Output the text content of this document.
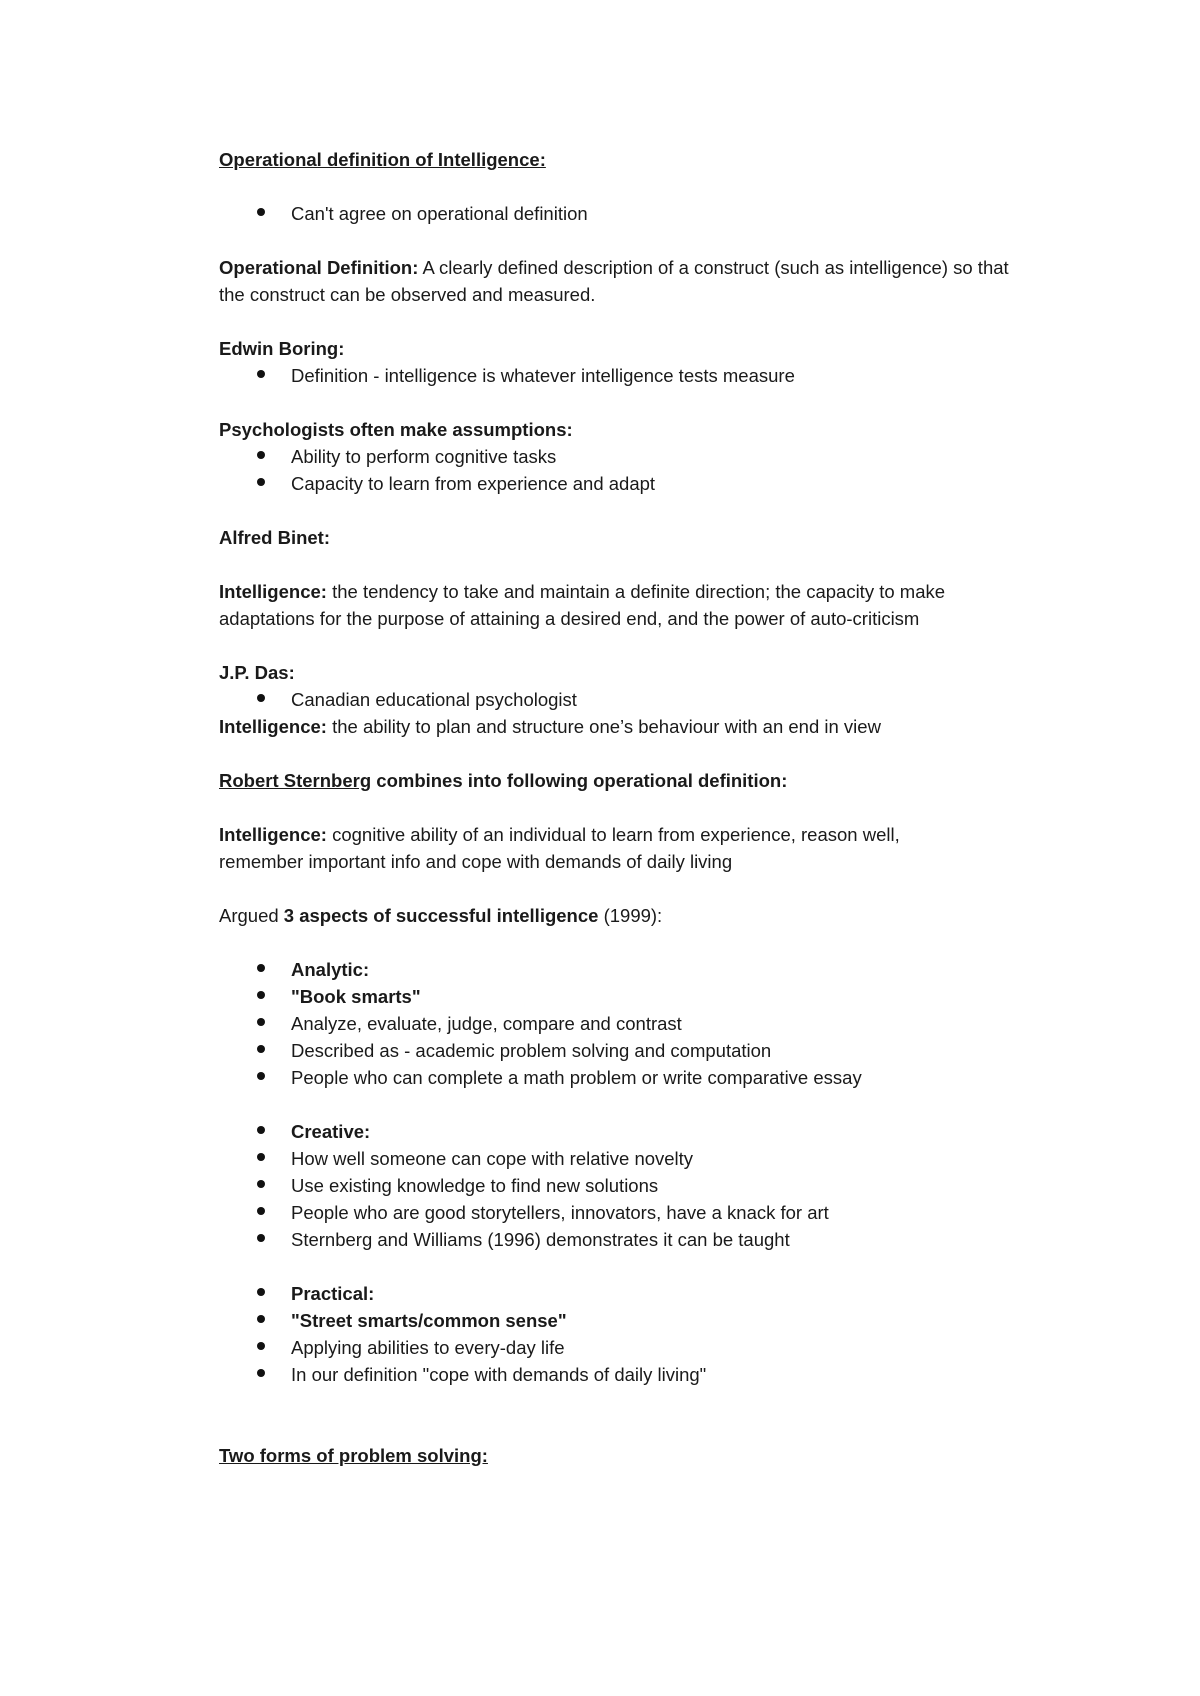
Operational definition of Intelligence:

Can't agree on operational definition

Operational Definition: A clearly defined description of a construct (such as intelligence) so that the construct can be observed and measured.

Edwin Boring:

Definition - intelligence is whatever intelligence tests measure

Psychologists often make assumptions:

Ability to perform cognitive tasks
Capacity to learn from experience and adapt

Alfred Binet:

Intelligence: the tendency to take and maintain a definite direction; the capacity to make adaptations for the purpose of attaining a desired end, and the power of auto-criticism

J.P. Das:

Canadian educational psychologist

Intelligence: the ability to plan and structure one’s behaviour with an end in view

Robert Sternberg combines into following operational definition:

Intelligence: cognitive ability of an individual to learn from experience, reason well, remember important info and cope with demands of daily living

Argued 3 aspects of successful intelligence (1999):

Analytic:
"Book smarts"
Analyze, evaluate, judge, compare and contrast
Described as - academic problem solving and computation
People who can complete a math problem or write comparative essay
Creative:
How well someone can cope with relative novelty
Use existing knowledge to find new solutions
People who are good storytellers, innovators, have a knack for art
Sternberg and Williams (1996) demonstrates it can be taught
Practical:
"Street smarts/common sense"
Applying abilities to every-day life
In our definition "cope with demands of daily living"

Two forms of problem solving:
